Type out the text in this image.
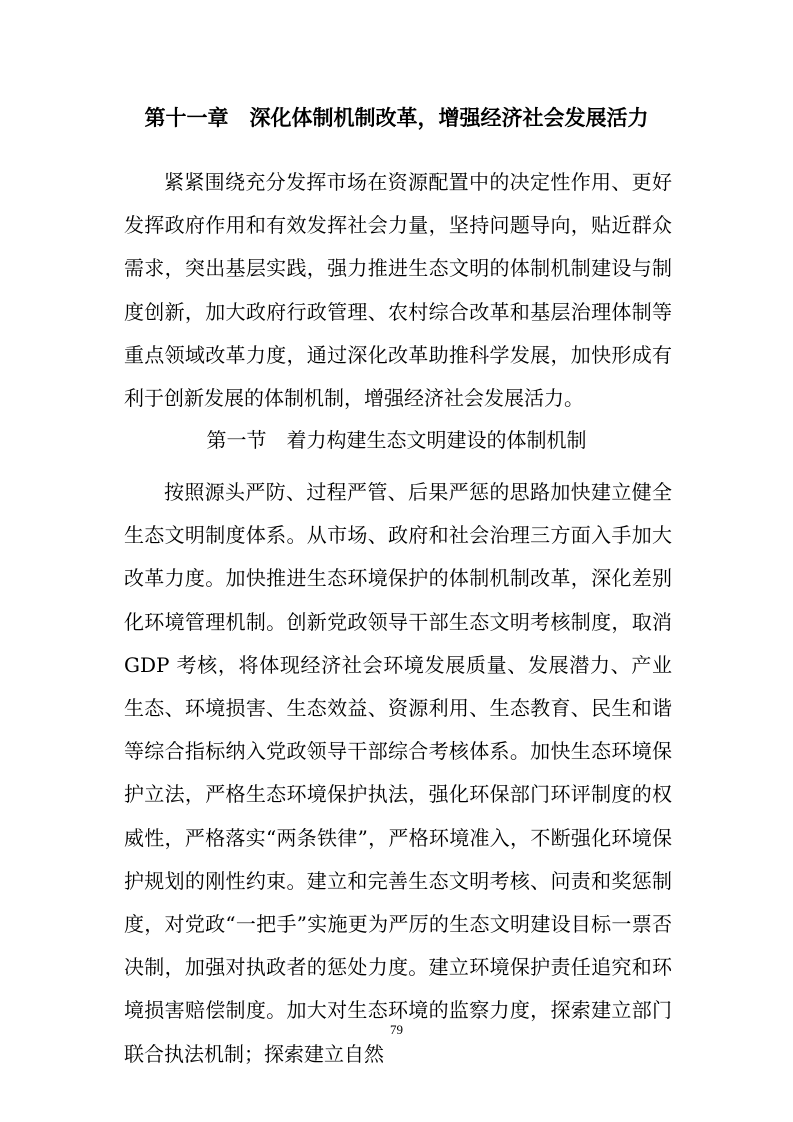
第十一章　深化体制机制改革，增强经济社会发展活力

紧紧围绕充分发挥市场在资源配置中的决定性作用、更好发挥政府作用和有效发挥社会力量，坚持问题导向，贴近群众需求，突出基层实践，强力推进生态文明的体制机制建设与制度创新，加大政府行政管理、农村综合改革和基层治理体制等重点领域改革力度，通过深化改革助推科学发展，加快形成有利于创新发展的体制机制，增强经济社会发展活力。

第一节　着力构建生态文明建设的体制机制

按照源头严防、过程严管、后果严惩的思路加快建立健全生态文明制度体系。从市场、政府和社会治理三方面入手加大改革力度。加快推进生态环境保护的体制机制改革，深化差别化环境管理机制。创新党政领导干部生态文明考核制度，取消 GDP 考核，将体现经济社会环境发展质量、发展潜力、产业生态、环境损害、生态效益、资源利用、生态教育、民生和谐等综合指标纳入党政领导干部综合考核体系。加快生态环境保护立法，严格生态环境保护执法，强化环保部门环评制度的权威性，严格落实“两条铁律”，严格环境准入，不断强化环境保护规划的刚性约束。建立和完善生态文明考核、问责和奖惩制度，对党政“一把手”实施更为严厉的生态文明建设目标一票否决制，加强对执政者的惩处力度。建立环境保护责任追究和环境损害赔偿制度。加大对生态环境的监察力度，探索建立部门联合执法机制；探索建立自然

79
